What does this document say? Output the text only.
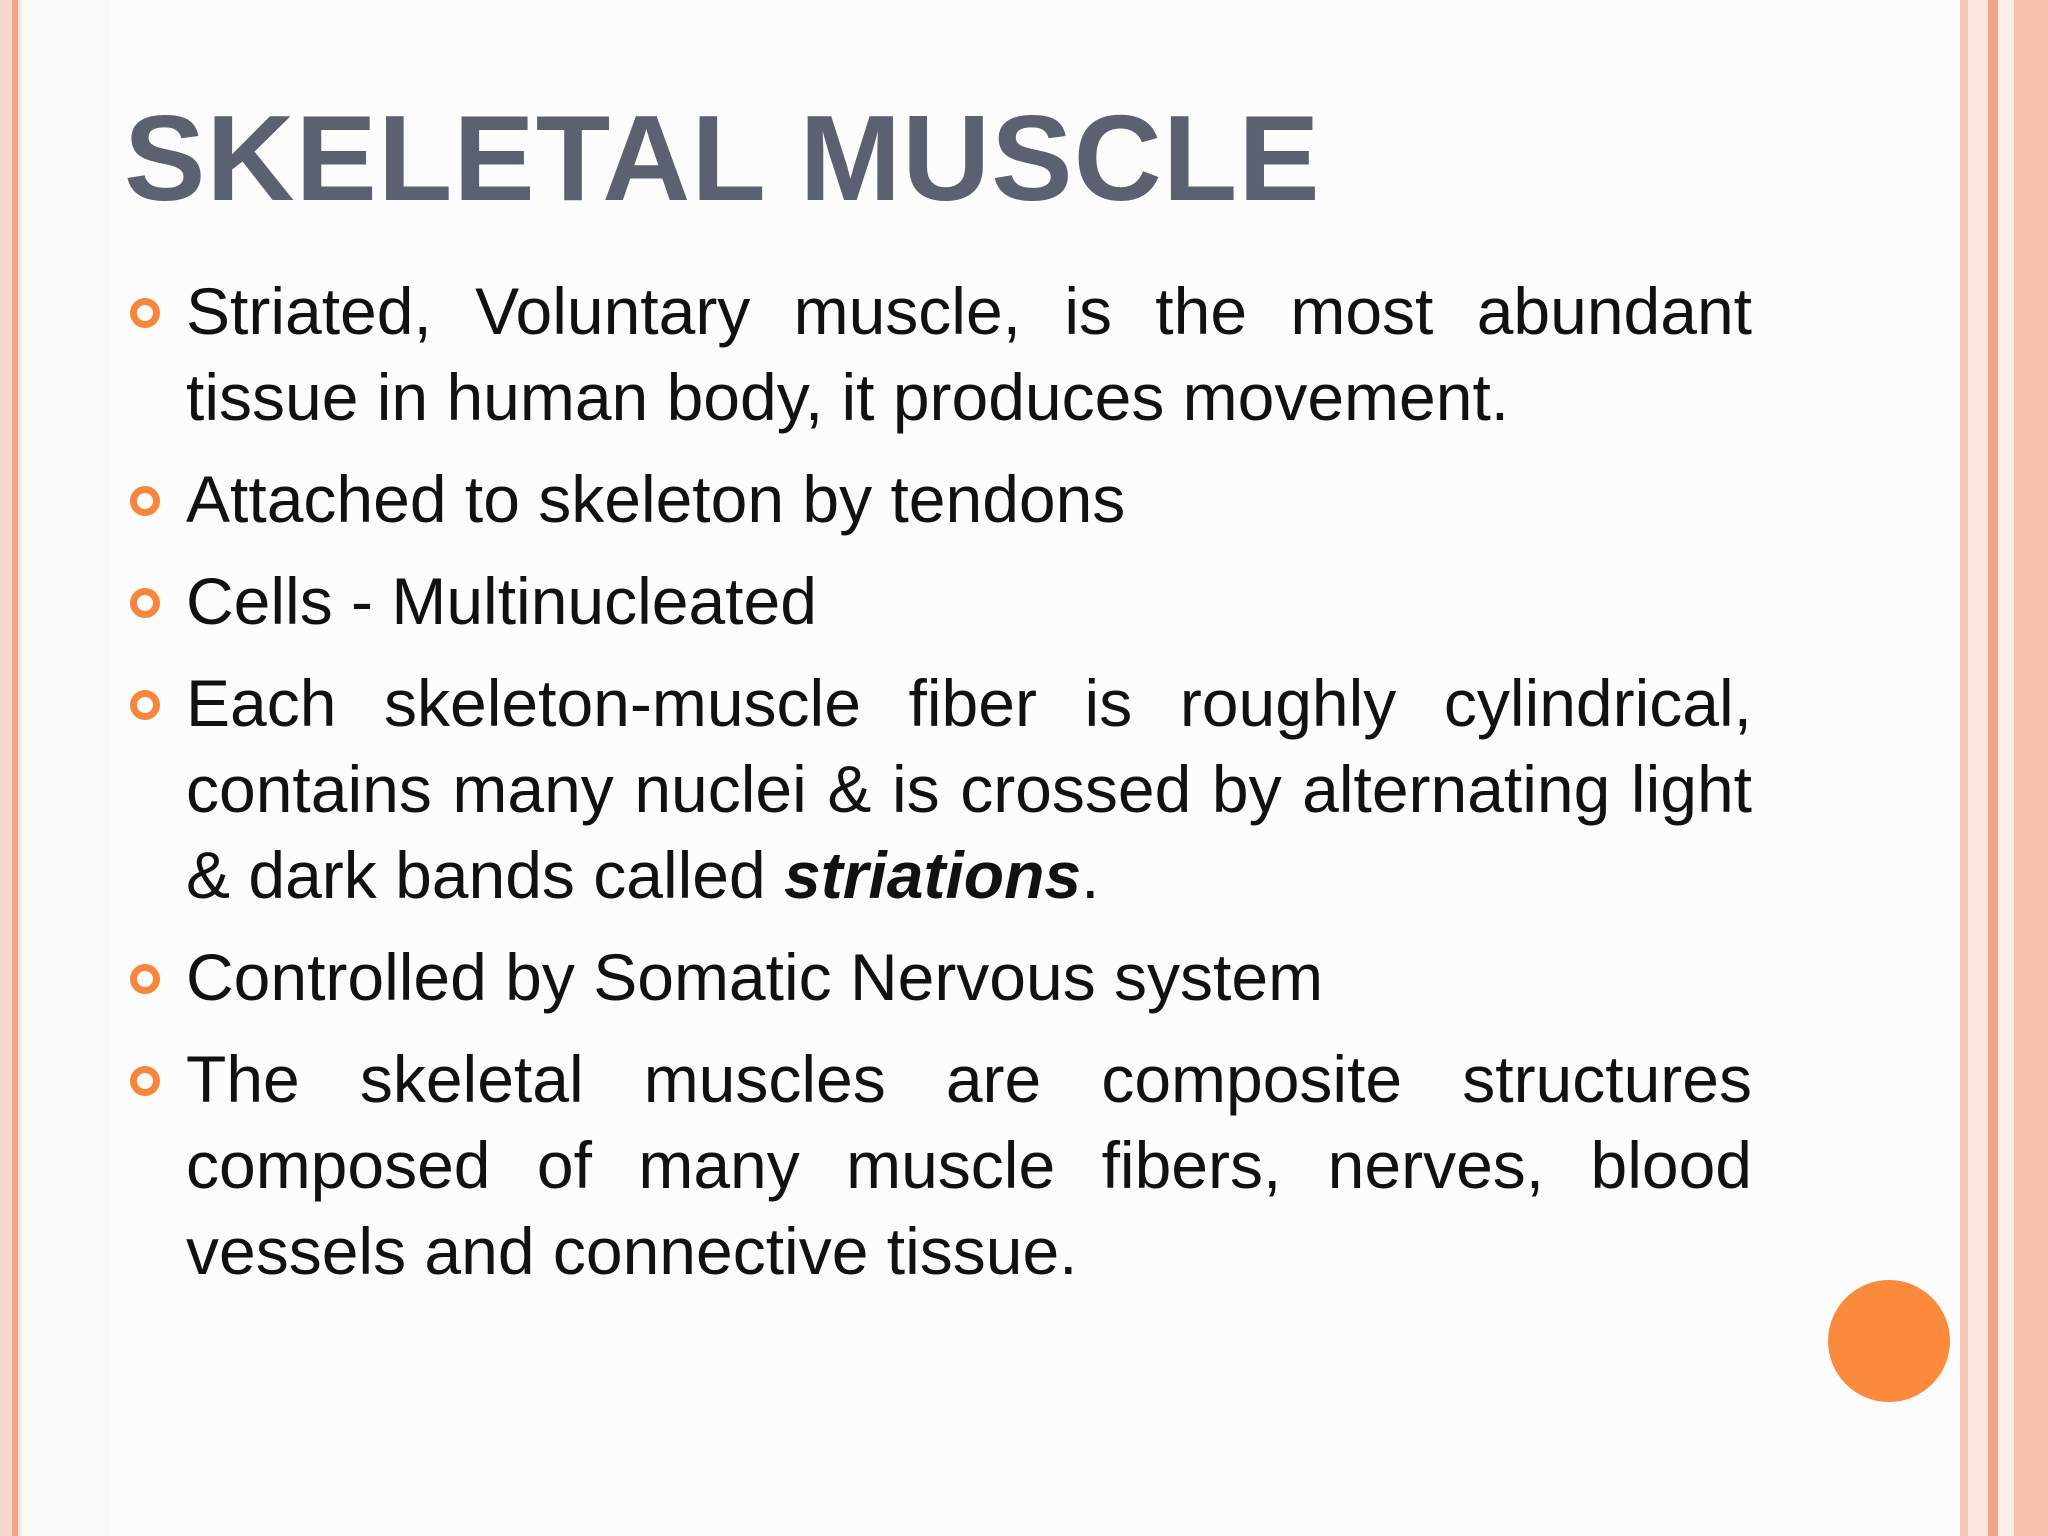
SKELETAL MUSCLE
Striated, Voluntary muscle, is the most abundant tissue in human body, it produces movement.
Attached to skeleton by tendons
Cells - Multinucleated
Each skeleton-muscle fiber is roughly cylindrical, contains many nuclei & is crossed by alternating light & dark bands called striations.
Controlled by Somatic Nervous system
The skeletal muscles are composite structures composed of many muscle fibers, nerves, blood vessels and connective tissue.
